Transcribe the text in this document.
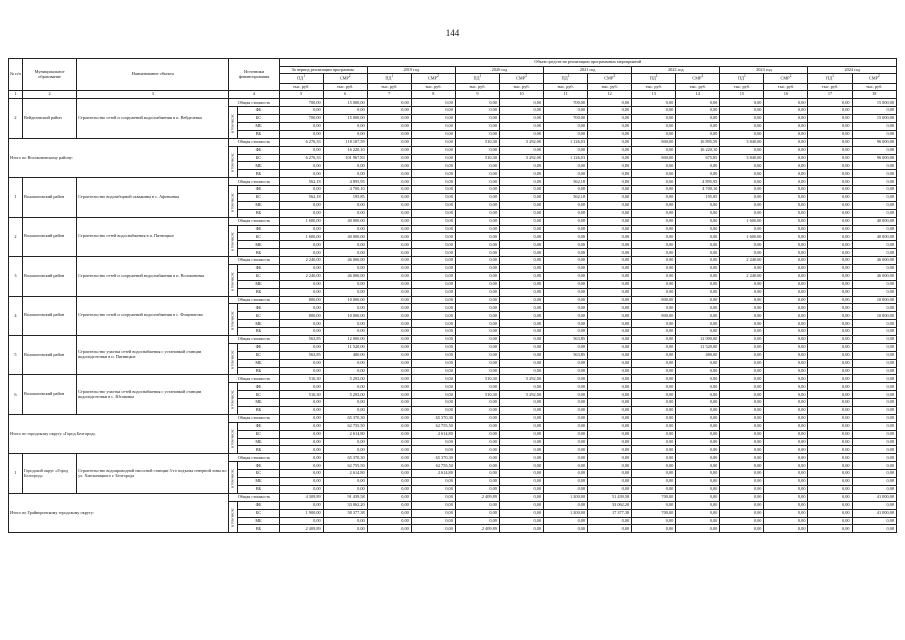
144
№ п/п	Муниципальное образование	Наименование объекта	Источники финансирования		Объем средств на реализацию программных мероприятий													
					За период реализации программы:		2019 год		2020 год		2021 год		2022 год		2023 год		2024 год	
					$ПД^1$	СМР$^2$	$ПД^1$	СМР$^2$	$ПД^1$	СМР$^2$	$ПД^1$	СМР$^2$	$ПД^1$	СМР$^2$	$ПД^1$	СМР$^2$	$ПД^1$	СМР$^2$
					тыс. руб.	тыс. руб.	тыс. руб.	тыс. руб.	тыс. руб.	тыс. руб.	тыс. руб.	тыс. руб.	тыс. руб.	тыс. руб.	тыс. руб.	тыс. руб.	тыс. руб.	тыс. руб.
1	2	3	4		5	6	7	8	9	10	11	12	13	14	15	16	17	18
2	Вейделевский район	Строительство сетей и сооружений водоснабжения в п. Вейделевка	Общая стоимость		700,00	15 000,00	0,00	0,00	0,00	0,00	700,00	0,00	0,00	0,00	0,00	0,00	0,00	15 000,00
			в том числе:	ФБ	0,00	0,00	0,00	0,00	0,00	0,00	0,00	0,00	0,00	0,00	0,00	0,00	0,00	0,00
				БС	700,00	15 000,00	0,00	0,00	0,00	0,00	700,00	0,00	0,00	0,00	0,00	0,00	0,00	15 000,00
				МБ	0,00	0,00	0,00	0,00	0,00	0,00	0,00	0,00	0,00	0,00	0,00	0,00	0,00	0,00
				ВБ	0,00	0,00	0,00	0,00	0,00	0,00	0,00	0,00	0,00	0,00	0,00	0,00	0,00	0,00
Итого по Волоконовскому району:			Общая стоимость		6 276,33	118 187,59	0,00	0,00	510,30	5 292,00	1 126,03	0,00	800,00	16 895,59	3 840,00	0,00	0,00	96 000,00
			в том числе:	ФБ	0,00	16 220,10	0,00	0,00	0,00	0,00	0,00	0,00	0,00	16 220,10	0,00	0,00	0,00	0,00
				БС	6 276,33	101 967,83	0,00	0,00	510,30	5 292,00	1 126,03	0,00	800,00	675,85	3 840,00	0,00	0,00	96 000,00
				МБ	0,00	0,00	0,00	0,00	0,00	0,00	0,00	0,00	0,00	0,00	0,00	0,00	0,00	0,00
				ВБ	0,00	0,00	0,00	0,00	0,00	0,00	0,00	0,00	0,00	0,00	0,00	0,00	0,00	0,00
1	Волоконовский район	Строительство водозаборной скважины в с. Афоньевка	Общая стоимость		562,18	4 895,95	0,00	0,00	0,00	0,00	562,18	0,00	0,00	4 895,95	0,00	0,00	0,00	0,00
			в том числе:	ФБ	0,00	4 700,10	0,00	0,00	0,00	0,00	0,00	0,00	0,00	4 700,10	0,00	0,00	0,00	0,00
				БС	562,18	195,85	0,00	0,00	0,00	0,00	562,18	0,00	0,00	195,85	0,00	0,00	0,00	0,00
				МБ	0,00	0,00	0,00	0,00	0,00	0,00	0,00	0,00	0,00	0,00	0,00	0,00	0,00	0,00
				ВБ	0,00	0,00	0,00	0,00	0,00	0,00	0,00	0,00	0,00	0,00	0,00	0,00	0,00	0,00
2	Волоконовский район	Строительство сетей водоснабжения в п. Пятницкое	Общая стоимость		1 600,00	40 000,00	0,00	0,00	0,00	0,00	0,00	0,00	0,00	0,00	1 600,00	0,00	0,00	40 000,00
			в том числе:	ФБ	0,00	0,00	0,00	0,00	0,00	0,00	0,00	0,00	0,00	0,00	0,00	0,00	0,00	0,00
				БС	1 600,00	40 000,00	0,00	0,00	0,00	0,00	0,00	0,00	0,00	0,00	1 600,00	0,00	0,00	40 000,00
				МБ	0,00	0,00	0,00	0,00	0,00	0,00	0,00	0,00	0,00	0,00	0,00	0,00	0,00	0,00
				ВБ	0,00	0,00	0,00	0,00	0,00	0,00	0,00	0,00	0,00	0,00	0,00	0,00	0,00	0,00
3	Волоконовский район	Строительство сетей и сооружений водоснабжения в п. Волоконовка	Общая стоимость		2 240,00	46 000,00	0,00	0,00	0,00	0,00	0,00	0,00	0,00	0,00	2 240,00	0,00	0,00	46 000,00
			в том числе:	ФБ	0,00	0,00	0,00	0,00	0,00	0,00	0,00	0,00	0,00	0,00	0,00	0,00	0,00	0,00
				БС	2 240,00	46 000,00	0,00	0,00	0,00	0,00	0,00	0,00	0,00	0,00	2 240,00	0,00	0,00	46 000,00
				МБ	0,00	0,00	0,00	0,00	0,00	0,00	0,00	0,00	0,00	0,00	0,00	0,00	0,00	0,00
				ВБ	0,00	0,00	0,00	0,00	0,00	0,00	0,00	0,00	0,00	0,00	0,00	0,00	0,00	0,00
4	Волоконовский район	Строительство сетей и сооружений водоснабжения в с. Фощеватово	Общая стоимость		800,00	10 000,00	0,00	0,00	0,00	0,00	0,00	0,00	800,00	0,00	0,00	0,00	0,00	10 000,00
			в том числе:	ФБ	0,00	0,00	0,00	0,00	0,00	0,00	0,00	0,00	0,00	0,00	0,00	0,00	0,00	0,00
				БС	800,00	10 000,00	0,00	0,00	0,00	0,00	0,00	0,00	800,00	0,00	0,00	0,00	0,00	10 000,00
				МБ	0,00	0,00	0,00	0,00	0,00	0,00	0,00	0,00	0,00	0,00	0,00	0,00	0,00	0,00
				ВБ	0,00	0,00	0,00	0,00	0,00	0,00	0,00	0,00	0,00	0,00	0,00	0,00	0,00	0,00
5	Волоконовский район	Строительство участка сетей водоснабжения с установкой станции водоподготовки в п. Пятницкое	Общая стоимость		563,85	12 000,00	0,00	0,00	0,00	0,00	563,85	0,00	0,00	12 000,00	0,00	0,00	0,00	0,00
			в том числе:	ФБ	0,00	11 520,00	0,00	0,00	0,00	0,00	0,00	0,00	0,00	11 520,00	0,00	0,00	0,00	0,00
				БС	563,85	480,00	0,00	0,00	0,00	0,00	563,85	0,00	0,00	480,00	0,00	0,00	0,00	0,00
				МБ	0,00	0,00	0,00	0,00	0,00	0,00	0,00	0,00	0,00	0,00	0,00	0,00	0,00	0,00
				ВБ	0,00	0,00	0,00	0,00	0,00	0,00	0,00	0,00	0,00	0,00	0,00	0,00	0,00	0,00
6	Волоконовский район	Строительство участка сетей водоснабжения с установкой станции водоподготовки в с. Ютановка	Общая стоимость		510,30	5 292,00	0,00	0,00	510,30	5 292,00	0,00	0,00	0,00	0,00	0,00	0,00	0,00	0,00
			в том числе:	ФБ	0,00	0,00	0,00	0,00	0,00	0,00	0,00	0,00	0,00	0,00	0,00	0,00	0,00	0,00
				БС	510,30	5 292,00	0,00	0,00	510,30	5 292,00	0,00	0,00	0,00	0,00	0,00	0,00	0,00	0,00
				МБ	0,00	0,00	0,00	0,00	0,00	0,00	0,00	0,00	0,00	0,00	0,00	0,00	0,00	0,00
				ВБ	0,00	0,00	0,00	0,00	0,00	0,00	0,00	0,00	0,00	0,00	0,00	0,00	0,00	0,00
Итого по городскому округу «Город Белгород»			Общая стоимость		0,00	65 370,30	0,00	65 370,30	0,00	0,00	0,00	0,00	0,00	0,00	0,00	0,00	0,00	0,00
			в том числе:	ФБ	0,00	62 755,50	0,00	62 755,50	0,00	0,00	0,00	0,00	0,00	0,00	0,00	0,00	0,00	0,00
				БС	0,00	2 614,80	0,00	2 614,80	0,00	0,00	0,00	0,00	0,00	0,00	0,00	0,00	0,00	0,00
				МБ	0,00	0,00	0,00	0,00	0,00	0,00	0,00	0,00	0,00	0,00	0,00	0,00	0,00	0,00
				ВБ	0,00	0,00	0,00	0,00	0,00	0,00	0,00	0,00	0,00	0,00	0,00	0,00	0,00	0,00
1	Городской округ «Город Белгород»	Строительство водопроводной насосной станции 3-го подъема северной зоны по ул. Хмельницкого г. Белгорода	Общая стоимость		0,00	65 370,30	0,00	65 370,30	0,00	0,00	0,00	0,00	0,00	0,00	0,00	0,00	0,00	0,00
			в том числе:	ФБ	0,00	62 755,50	0,00	62 755,50	0,00	0,00	0,00	0,00	0,00	0,00	0,00	0,00	0,00	0,00
				БС	0,00	2 614,80	0,00	2 614,80	0,00	0,00	0,00	0,00	0,00	0,00	0,00	0,00	0,00	0,00
				МБ	0,00	0,00	0,00	0,00	0,00	0,00	0,00	0,00	0,00	0,00	0,00	0,00	0,00	0,00
				ВБ	0,00	0,00	0,00	0,00	0,00	0,00	0,00	0,00	0,00	0,00	0,00	0,00	0,00	0,00
Итого по Грайворонскому городскому округу:			Общая стоимость		4 309,89	91 439,58	0,00	0,00	2 409,89	0,00	1 200,00	51 439,58	700,00	0,00	0,00	0,00	0,00	41 000,00
			в том числе:	ФБ	0,00	33 062,20	0,00	0,00	0,00	0,00	0,00	33 062,20	0,00	0,00	0,00	0,00	0,00	0,00
				БС	1 900,00	58 377,38	0,00	0,00	0,00	0,00	1 200,00	17 377,38	700,00	0,00	0,00	0,00	0,00	41 000,00
				МБ	0,00	0,00	0,00	0,00	0,00	0,00	0,00	0,00	0,00	0,00	0,00	0,00	0,00	0,00
				ВБ	2 409,89	0,00	0,00	0,00	2 409,89	0,00	0,00	0,00	0,00	0,00	0,00	0,00	0,00	0,00
